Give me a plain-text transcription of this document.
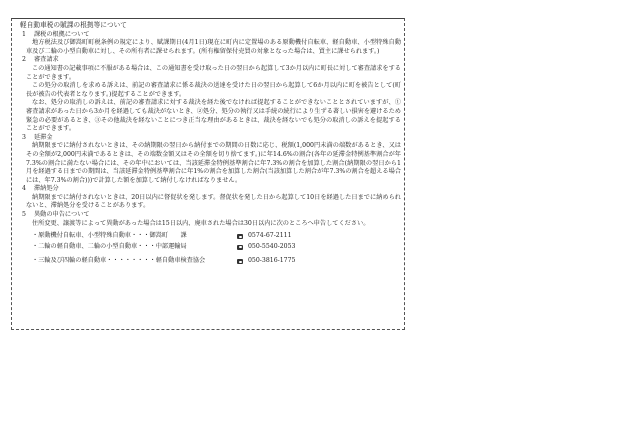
軽自動車税の賦課の根拠等について
1 課税の根拠について

地方税法及び御嵩町町税条例の規定により、賦課期日(4月1日)現在に町内に定置場のある原動機付自転車、軽自動車、小型特殊自動車及び二輪の小型自動車に対し、その所有者に課せられます。(所有権留保付売買の対象となった場合は、買主に課せられます。)

2 審査請求

この通知書の記載事項に不服がある場合は、この通知書を受け取った日の翌日から起算して3か月以内に町長に対して審査請求をすることができます。

この処分の取消しを求める訴えは、前記の審査請求に係る裁決の送達を受けた日の翌日から起算して6か月以内に町を被告として(町長が被告の代表者となります。)提起することができます。

なお、処分の取消しの訴えは、前記の審査請求に対する裁決を経た後でなければ提起することができないこととされていますが、①審査請求があった日から3か月を経過しても裁決がないとき、②処分、処分の執行又は手続の続行により生ずる著しい損害を避けるため緊急の必要があるとき、③その他裁決を経ないことにつき正当な理由があるときは、裁決を経ないでも処分の取消しの訴えを提起することができます。

3 延滞金

納期限までに納付されないときは、その納期限の翌日から納付までの期間の日数に応じ、税額(1,000円未満の端数があるとき、又はその全額が2,000円未満であるときは、その端数金額又はその全額を切り捨てます。)に年14.6%の割合(各年の延滞金特例基準割合が年7.3%の割合に満たない場合には、その年中においては、当該延滞金特例基準割合に年7.3%の割合を加算した割合(納期限の翌日から1月を経過する日までの期間は、当該延滞金特例基準割合に年1%の割合を加算した割合(当該加算した割合が年7.3%の割合を超える場合には、年7.3%の割合)))で計算した額を加算して納付しなければなりません。

4 滞納処分

納期限までに納付されないときは、20日以内に督促状を発します。督促状を発した日から起算して10日を経過した日までに納められないと、滞納処分を受けることがあります。

5 異動の申告について

住所変更、譲渡等によって異動があった場合は15日以内、廃車された場合は30日以内に次のところへ申告してください。

・原動機付自転車、小型特殊自動車・・・御嵩町　　課	0574-67-2111
・二輪の軽自動車、二輪の小型自動車・・・中部運輸局	050-5540-2053
・三輪及び四輪の軽自動車・・・・・・・・軽自動車検査協会	050-3816-1775
